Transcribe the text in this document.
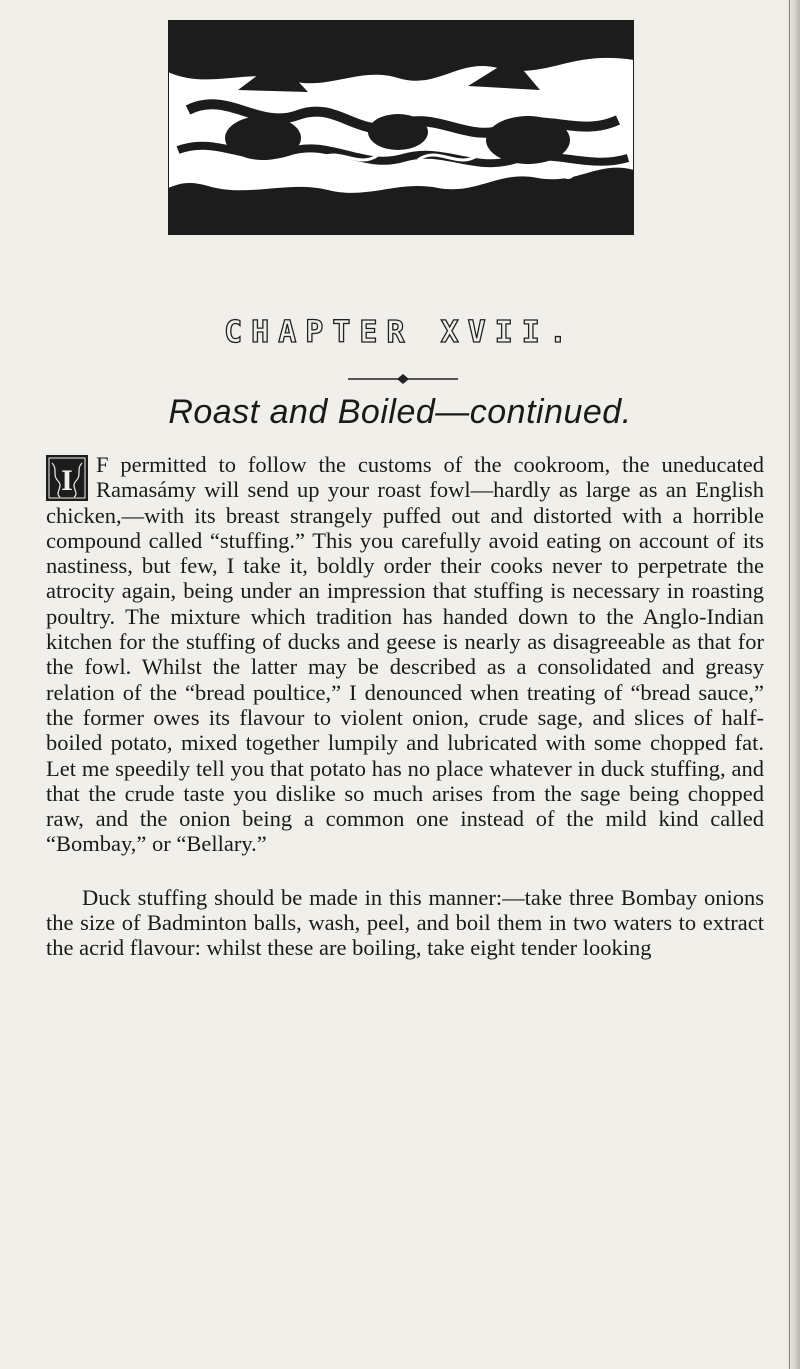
CHAPTER XVII.
Roast and Boiled—continued.

I F permitted to follow the customs of the cookroom, the uneducated Ramasámy will send up your roast fowl—hardly as large as an English chicken,—with its breast strangely puffed out and distorted with a horrible compound called “stuffing.” This you carefully avoid eating on account of its nastiness, but few, I take it, boldly order their cooks never to perpetrate the atrocity again, being under an impression that stuffing is necessary in roasting poultry. The mixture which tradition has handed down to the Anglo-Indian kitchen for the stuffing of ducks and geese is nearly as disagreeable as that for the fowl. Whilst the latter may be described as a consolidated and greasy relation of the “bread poultice,” I denounced when treating of “bread sauce,” the former owes its flavour to violent onion, crude sage, and slices of half-boiled potato, mixed together lumpily and lubricated with some chopped fat. Let me speedily tell you that potato has no place whatever in duck stuffing, and that the crude taste you dislike so much arises from the sage being chopped raw, and the onion being a common one instead of the mild kind called “Bombay,” or “Bellary.”

Duck stuffing should be made in this manner:—take three Bombay onions the size of Badminton balls, wash, peel, and boil them in two waters to extract the acrid flavour: whilst these are boiling, take eight tender looking
